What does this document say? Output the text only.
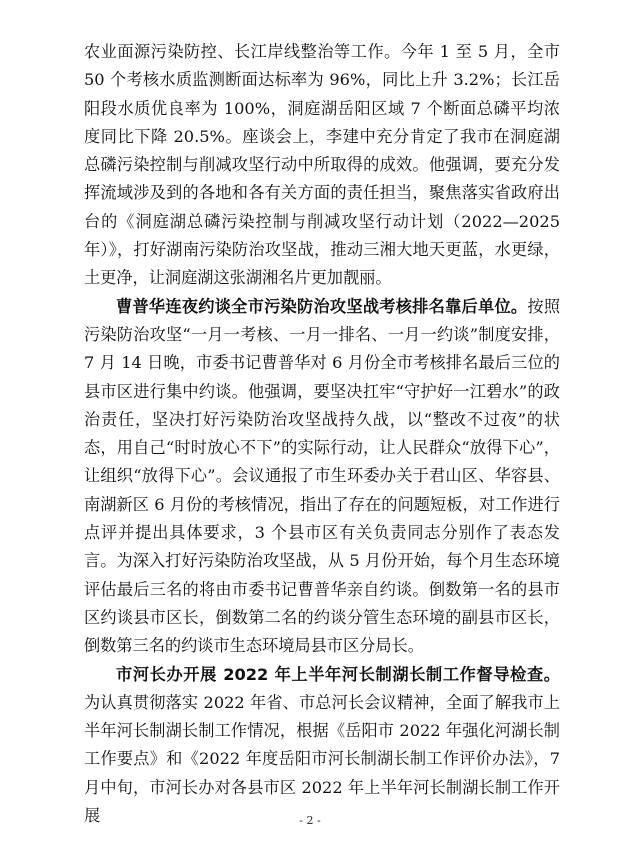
农业面源污染防控、长江岸线整治等工作。今年 1 至 5 月，全市 50 个考核水质监测断面达标率为 96%，同比上升 3.2%；长江岳阳段水质优良率为 100%，洞庭湖岳阳区域 7 个断面总磷平均浓度同比下降 20.5%。座谈会上，李建中充分肯定了我市在洞庭湖总磷污染控制与削减攻坚行动中所取得的成效。他强调，要充分发挥流域涉及到的各地和各有关方面的责任担当，聚焦落实省政府出台的《洞庭湖总磷污染控制与削减攻坚行动计划（2022—2025 年）》，打好湖南污染防治攻坚战，推动三湘大地天更蓝，水更绿，土更净，让洞庭湖这张湖湘名片更加靓丽。

曹普华连夜约谈全市污染防治攻坚战考核排名靠后单位。按照污染防治攻坚“一月一考核、一月一排名、一月一约谈”制度安排，7 月 14 日晚，市委书记曹普华对 6 月份全市考核排名最后三位的县市区进行集中约谈。他强调，要坚决扛牢“守护好一江碧水”的政治责任，坚决打好污染防治攻坚战持久战，以“整改不过夜”的状态，用自己“时时放心不下”的实际行动，让人民群众“放得下心”，让组织“放得下心”。会议通报了市生环委办关于君山区、华容县、南湖新区 6 月份的考核情况，指出了存在的问题短板，对工作进行点评并提出具体要求，3 个县市区有关负责同志分别作了表态发言。为深入打好污染防治攻坚战，从 5 月份开始，每个月生态环境评估最后三名的将由市委书记曹普华亲自约谈。倒数第一名的县市区约谈县市区长，倒数第二名的约谈分管生态环境的副县市区长，倒数第三名的约谈市生态环境局县市区分局长。

市河长办开展 2022 年上半年河长制湖长制工作督导检查。为认真贯彻落实 2022 年省、市总河长会议精神，全面了解我市上半年河长制湖长制工作情况，根据《岳阳市 2022 年强化河湖长制工作要点》和《2022 年度岳阳市河长制湖长制工作评价办法》，7 月中旬，市河长办对各县市区 2022 年上半年河长制湖长制工作开展	- 2 -
